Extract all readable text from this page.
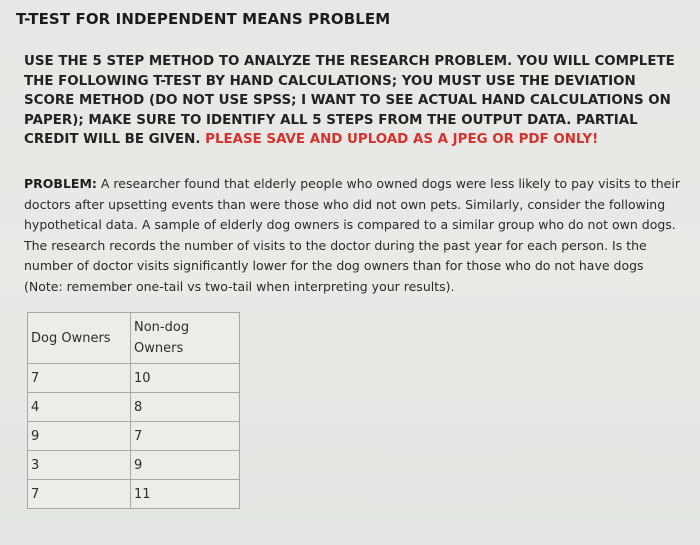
T-TEST FOR INDEPENDENT MEANS PROBLEM
USE THE 5 STEP METHOD TO ANALYZE THE RESEARCH PROBLEM. YOU WILL COMPLETE THE FOLLOWING T-TEST BY HAND CALCULATIONS; YOU MUST USE THE DEVIATION SCORE METHOD (DO NOT USE SPSS; I WANT TO SEE ACTUAL HAND CALCULATIONS ON PAPER); MAKE SURE TO IDENTIFY ALL 5 STEPS FROM THE OUTPUT DATA. PARTIAL CREDIT WILL BE GIVEN. PLEASE SAVE AND UPLOAD AS A JPEG OR PDF ONLY!
PROBLEM: A researcher found that elderly people who owned dogs were less likely to pay visits to their doctors after upsetting events than were those who did not own pets. Similarly, consider the following hypothetical data. A sample of elderly dog owners is compared to a similar group who do not own dogs. The research records the number of visits to the doctor during the past year for each person. Is the number of doctor visits significantly lower for the dog owners than for those who do not have dogs (Note: remember one-tail vs two-tail when interpreting your results).
Dog Owners	Non-dog Owners
7	10
4	8
9	7
3	9
7	11
